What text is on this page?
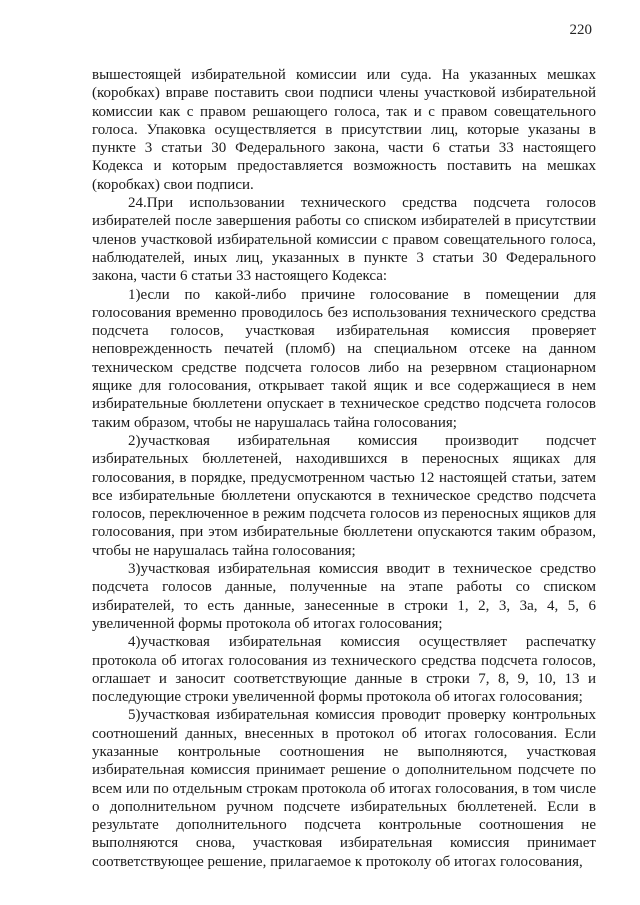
220

вышестоящей избирательной комиссии или суда. На указанных мешках (коробках) вправе поставить свои подписи члены участковой избирательной комиссии как с правом решающего голоса, так и с правом совещательного голоса. Упаковка осуществляется в присутствии лиц, которые указаны в пункте 3 статьи 30 Федерального закона, части 6 статьи 33 настоящего Кодекса и которым предоставляется возможность поставить на мешках (коробках) свои подписи.

24.При использовании технического средства подсчета голосов избирателей после завершения работы со списком избирателей в присутствии членов участковой избирательной комиссии с правом совещательного голоса, наблюдателей, иных лиц, указанных в пункте 3 статьи 30 Федерального закона, части 6 статьи 33 настоящего Кодекса:

1)если по какой-либо причине голосование в помещении для голосования временно проводилось без использования технического средства подсчета голосов, участковая избирательная комиссия проверяет неповрежденность печатей (пломб) на специальном отсеке на данном техническом средстве подсчета голосов либо на резервном стационарном ящике для голосования, открывает такой ящик и все содержащиеся в нем избирательные бюллетени опускает в техническое средство подсчета голосов таким образом, чтобы не нарушалась тайна голосования;

2)участковая избирательная комиссия производит подсчет избирательных бюллетеней, находившихся в переносных ящиках для голосования, в порядке, предусмотренном частью 12 настоящей статьи, затем все избирательные бюллетени опускаются в техническое средство подсчета голосов, переключенное в режим подсчета голосов из переносных ящиков для голосования, при этом избирательные бюллетени опускаются таким образом, чтобы не нарушалась тайна голосования;

3)участковая избирательная комиссия вводит в техническое средство подсчета голосов данные, полученные на этапе работы со списком избирателей, то есть данные, занесенные в строки 1, 2, 3, 3а, 4, 5, 6 увеличенной формы протокола об итогах голосования;

4)участковая избирательная комиссия осуществляет распечатку протокола об итогах голосования из технического средства подсчета голосов, оглашает и заносит соответствующие данные в строки 7, 8, 9, 10, 13 и последующие строки увеличенной формы протокола об итогах голосования;

5)участковая избирательная комиссия проводит проверку контрольных соотношений данных, внесенных в протокол об итогах голосования. Если указанные контрольные соотношения не выполняются, участковая избирательная комиссия принимает решение о дополнительном подсчете по всем или по отдельным строкам протокола об итогах голосования, в том числе о дополнительном ручном подсчете избирательных бюллетеней. Если в результате дополнительного подсчета контрольные соотношения не выполняются снова, участковая избирательная комиссия принимает соответствующее решение, прилагаемое к протоколу об итогах голосования,
